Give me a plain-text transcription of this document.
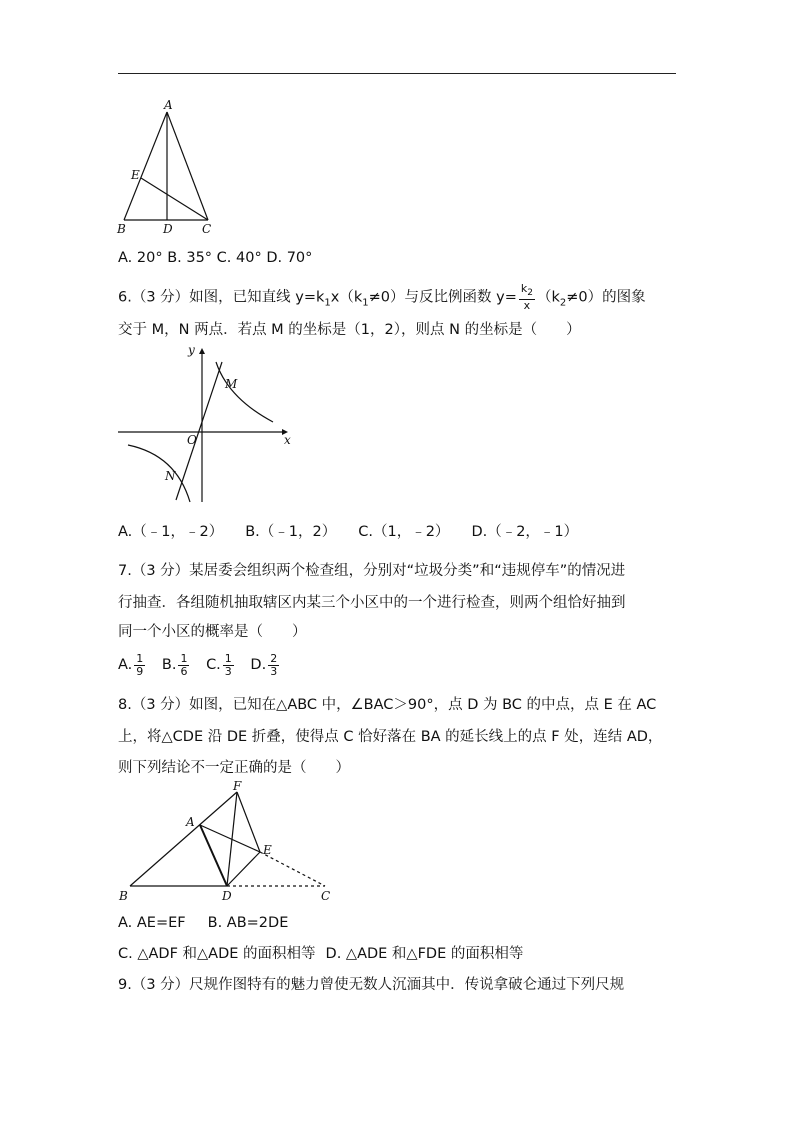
A
E
B	D C
A. 20° B. 35° C. 40° D. 70°
6.（3 分）如图，已知直线 $y=k_1x(k_1\ne 0)$与反比例函数 $y= \frac{k_2}{x} (k_2\ne 0)$的图象
交于 M，N 两点．若点 M 的坐标是（1，2），则点 N 的坐标是（　　）
y
x
O
M
N
A.（﹣1，﹣2） B.（﹣1，2） C.（1，﹣2） D.（﹣2，﹣1）
7.（3 分）某居委会组织两个检查组，分别对“垃圾分类”和“违规停车”的情况进
行抽查．各组随机抽取辖区内某三个小区中的一个进行检查，则两个组恰好抽到
同一个小区的概率是（　　）
A. $\frac{1}{9} B$. $\frac{1}{6} C$. $\frac{1}{3} D$. $\frac{2}{3}$
8.（3 分）如图，已知在△ABC 中，∠BAC＞90°，点 D 为 BC 的中点，点 E 在 AC
上，将△CDE 沿 DE 折叠，使得点 C 恰好落在 BA 的延长线上的点 F 处，连结 AD，
则下列结论不一定正确的是（　　）
F
A
E
B	D	C
A. AE=EF B. AB=2DE
C. △ADF 和△ADE 的面积相等 D. △ADE 和△FDE 的面积相等
9.（3 分）尺规作图特有的魅力曾使无数人沉湎其中．传说拿破仑通过下列尺规
